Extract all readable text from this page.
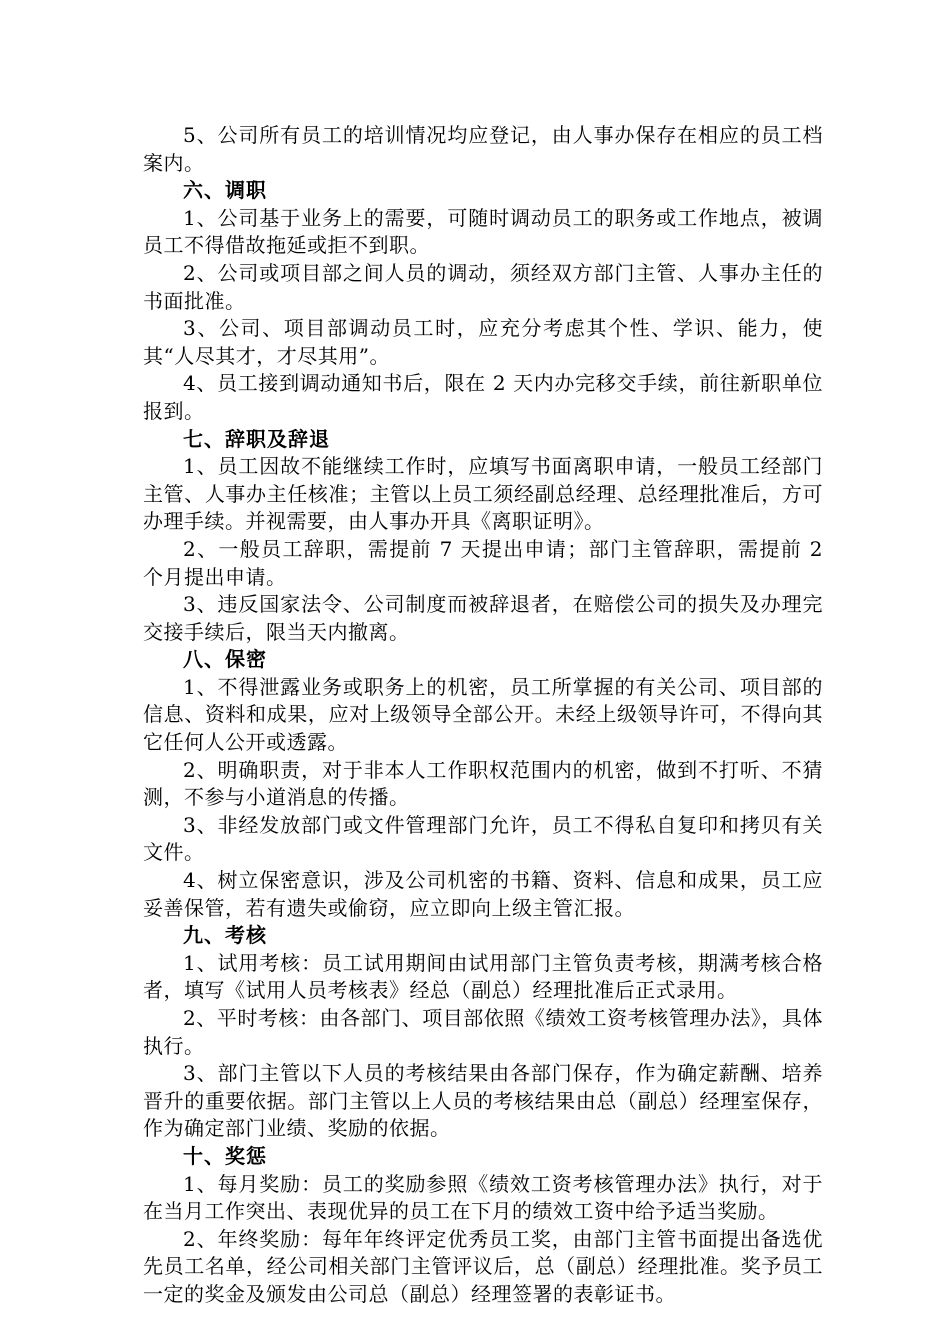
5、公司所有员工的培训情况均应登记，由人事办保存在相应的员工档案内。

六、调职

1、公司基于业务上的需要，可随时调动员工的职务或工作地点，被调员工不得借故拖延或拒不到职。

2、公司或项目部之间人员的调动，须经双方部门主管、人事办主任的书面批准。

3、公司、项目部调动员工时，应充分考虑其个性、学识、能力，使其“人尽其才，才尽其用”。

4、员工接到调动通知书后，限在 2 天内办完移交手续，前往新职单位报到。

七、辞职及辞退

1、员工因故不能继续工作时，应填写书面离职申请，一般员工经部门主管、人事办主任核准；主管以上员工须经副总经理、总经理批准后，方可办理手续。并视需要，由人事办开具《离职证明》。

2、一般员工辞职，需提前 7 天提出申请；部门主管辞职，需提前 2 个月提出申请。

3、违反国家法令、公司制度而被辞退者，在赔偿公司的损失及办理完交接手续后，限当天内撤离。

八、保密

1、不得泄露业务或职务上的机密，员工所掌握的有关公司、项目部的信息、资料和成果，应对上级领导全部公开。未经上级领导许可，不得向其它任何人公开或透露。

2、明确职责，对于非本人工作职权范围内的机密，做到不打听、不猜测，不参与小道消息的传播。

3、非经发放部门或文件管理部门允许，员工不得私自复印和拷贝有关文件。

4、树立保密意识，涉及公司机密的书籍、资料、信息和成果，员工应妥善保管，若有遗失或偷窃，应立即向上级主管汇报。

九、考核

1、试用考核：员工试用期间由试用部门主管负责考核，期满考核合格者，填写《试用人员考核表》经总（副总）经理批准后正式录用。

2、平时考核：由各部门、项目部依照《绩效工资考核管理办法》，具体执行。

3、部门主管以下人员的考核结果由各部门保存，作为确定薪酬、培养晋升的重要依据。部门主管以上人员的考核结果由总（副总）经理室保存，作为确定部门业绩、奖励的依据。

十、奖惩

1、每月奖励：员工的奖励参照《绩效工资考核管理办法》执行，对于在当月工作突出、表现优异的员工在下月的绩效工资中给予适当奖励。

2、年终奖励：每年年终评定优秀员工奖，由部门主管书面提出备选优先员工名单，经公司相关部门主管评议后，总（副总）经理批准。奖予员工一定的奖金及颁发由公司总（副总）经理签署的表彰证书。
